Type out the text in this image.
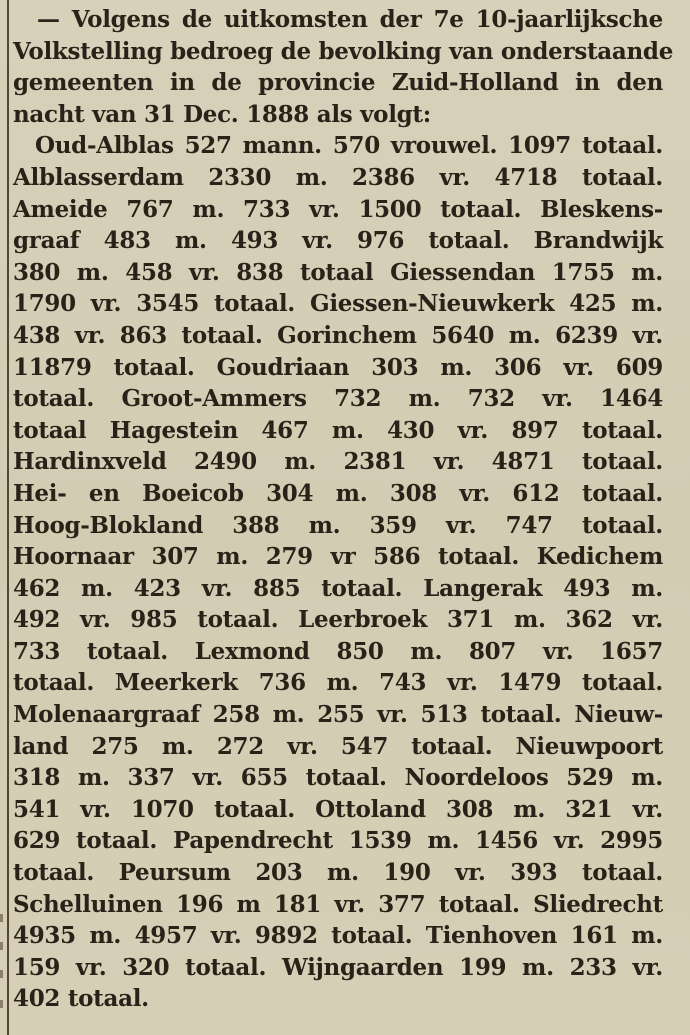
— Volgens de uitkomsten der 7e 10-jaarlijksche
Volkstelling bedroeg de bevolking van onderstaande
gemeenten in de provincie Zuid-Holland in den
nacht van 31 Dec. 1888 als volgt:
Oud-Alblas 527 mann. 570 vrouwel. 1097 totaal.
Alblasserdam 2330 m. 2386 vr. 4718 totaal.
Ameide 767 m. 733 vr. 1500 totaal. Bleskens-
graaf 483 m. 493 vr. 976 totaal. Brandwijk
380 m. 458 vr. 838 totaal Giessendan 1755 m.
1790 vr. 3545 totaal. Giessen-Nieuwkerk 425 m.
438 vr. 863 totaal. Gorinchem 5640 m. 6239 vr.
11879 totaal. Goudriaan 303 m. 306 vr. 609
totaal. Groot-Ammers 732 m. 732 vr. 1464
totaal Hagestein 467 m. 430 vr. 897 totaal.
Hardinxveld 2490 m. 2381 vr. 4871 totaal.
Hei- en Boeicob 304 m. 308 vr. 612 totaal.
Hoog-Blokland 388 m. 359 vr. 747 totaal.
Hoornaar 307 m. 279 vr 586 totaal. Kedichem
462 m. 423 vr. 885 totaal. Langerak 493 m.
492 vr. 985 totaal. Leerbroek 371 m. 362 vr.
733 totaal. Lexmond 850 m. 807 vr. 1657
totaal. Meerkerk 736 m. 743 vr. 1479 totaal.
Molenaargraaf 258 m. 255 vr. 513 totaal. Nieuw-
land 275 m. 272 vr. 547 totaal. Nieuwpoort
318 m. 337 vr. 655 totaal. Noordeloos 529 m.
541 vr. 1070 totaal. Ottoland 308 m. 321 vr.
629 totaal. Papendrecht 1539 m. 1456 vr. 2995
totaal. Peursum 203 m. 190 vr. 393 totaal.
Schelluinen 196 m 181 vr. 377 totaal. Sliedrecht
4935 m. 4957 vr. 9892 totaal. Tienhoven 161 m.
159 vr. 320 totaal. Wijngaarden 199 m. 233 vr.
402 totaal.
